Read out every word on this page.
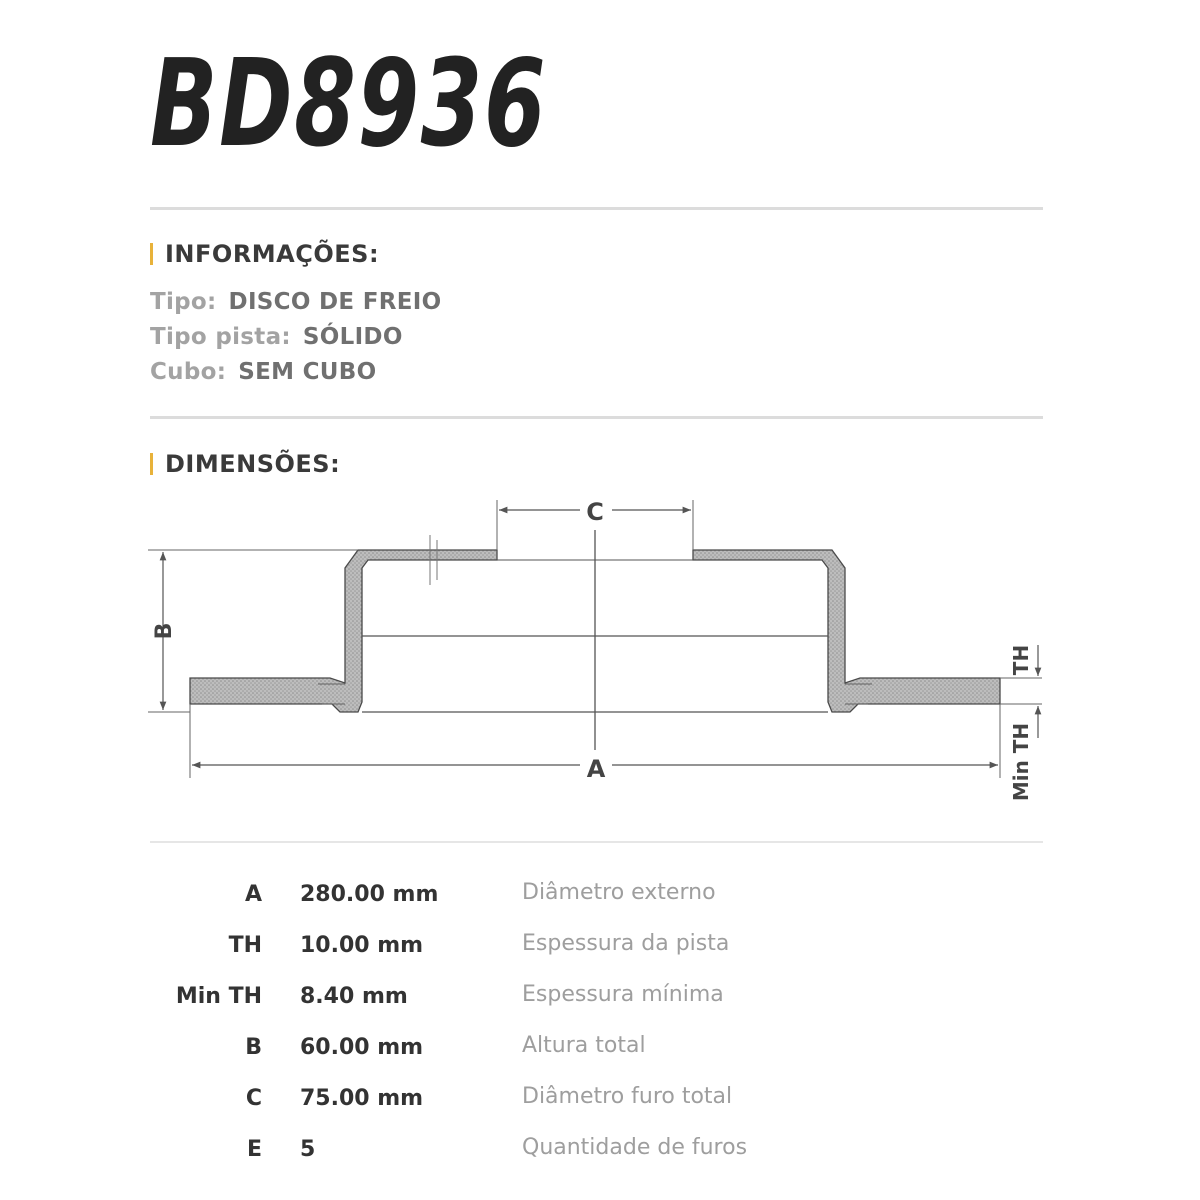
BD8936
INFORMAÇÕES:
Tipo: DISCO DE FREIO
Tipo pista: SÓLIDO
Cubo: SEM CUBO
DIMENSÕES:
C
B
A
TH
Min TH
A 280.00 mm	Diâmetro externo
TH 10.00 mm	Espessura da pista
Min TH 8.40 mm	Espessura mínima
B 60.00 mm	Altura total
C 75.00 mm	Diâmetro furo total
E 5	Quantidade de furos
